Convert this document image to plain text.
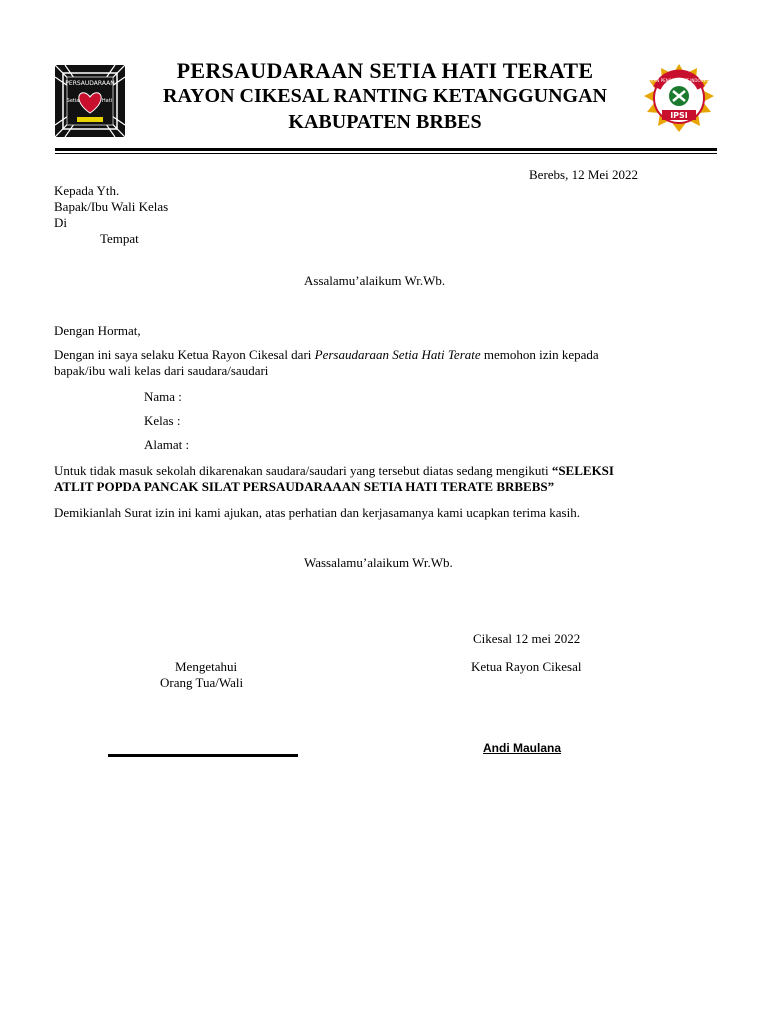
PERSAUDARAAN
Setia	Hati
PERSAUDARAAN SETIA HATI TERATE
RAYON CIKESAL RANTING KETANGGUNGAN
KABUPATEN BRBES
IKATAN PENCAK SILAT INDONESIA
IPSI
Berebs, 12 Mei 2022
Kepada Yth.
Bapak/Ibu Wali Kelas
Di
Tempat
Assalamu’alaikum Wr.Wb.
Dengan Hormat,
Dengan ini saya selaku Ketua Rayon Cikesal dari Persaudaraan Setia Hati Terate memohon izin kepada
bapak/ibu wali kelas dari saudara/saudari
Nama :
Kelas :
Alamat :
Untuk tidak masuk sekolah dikarenakan saudara/saudari yang tersebut diatas sedang mengikuti “SELEKSI
ATLIT POPDA PANCAK SILAT PERSAUDARAAAN SETIA HATI TERATE BRBEBS”
Demikianlah Surat izin ini kami ajukan, atas perhatian dan kerjasamanya kami ucapkan terima kasih.
Wassalamu’alaikum Wr.Wb.
Cikesal 12 mei 2022
Mengetahui
Orang Tua/Wali
Ketua Rayon Cikesal
Andi Maulana
